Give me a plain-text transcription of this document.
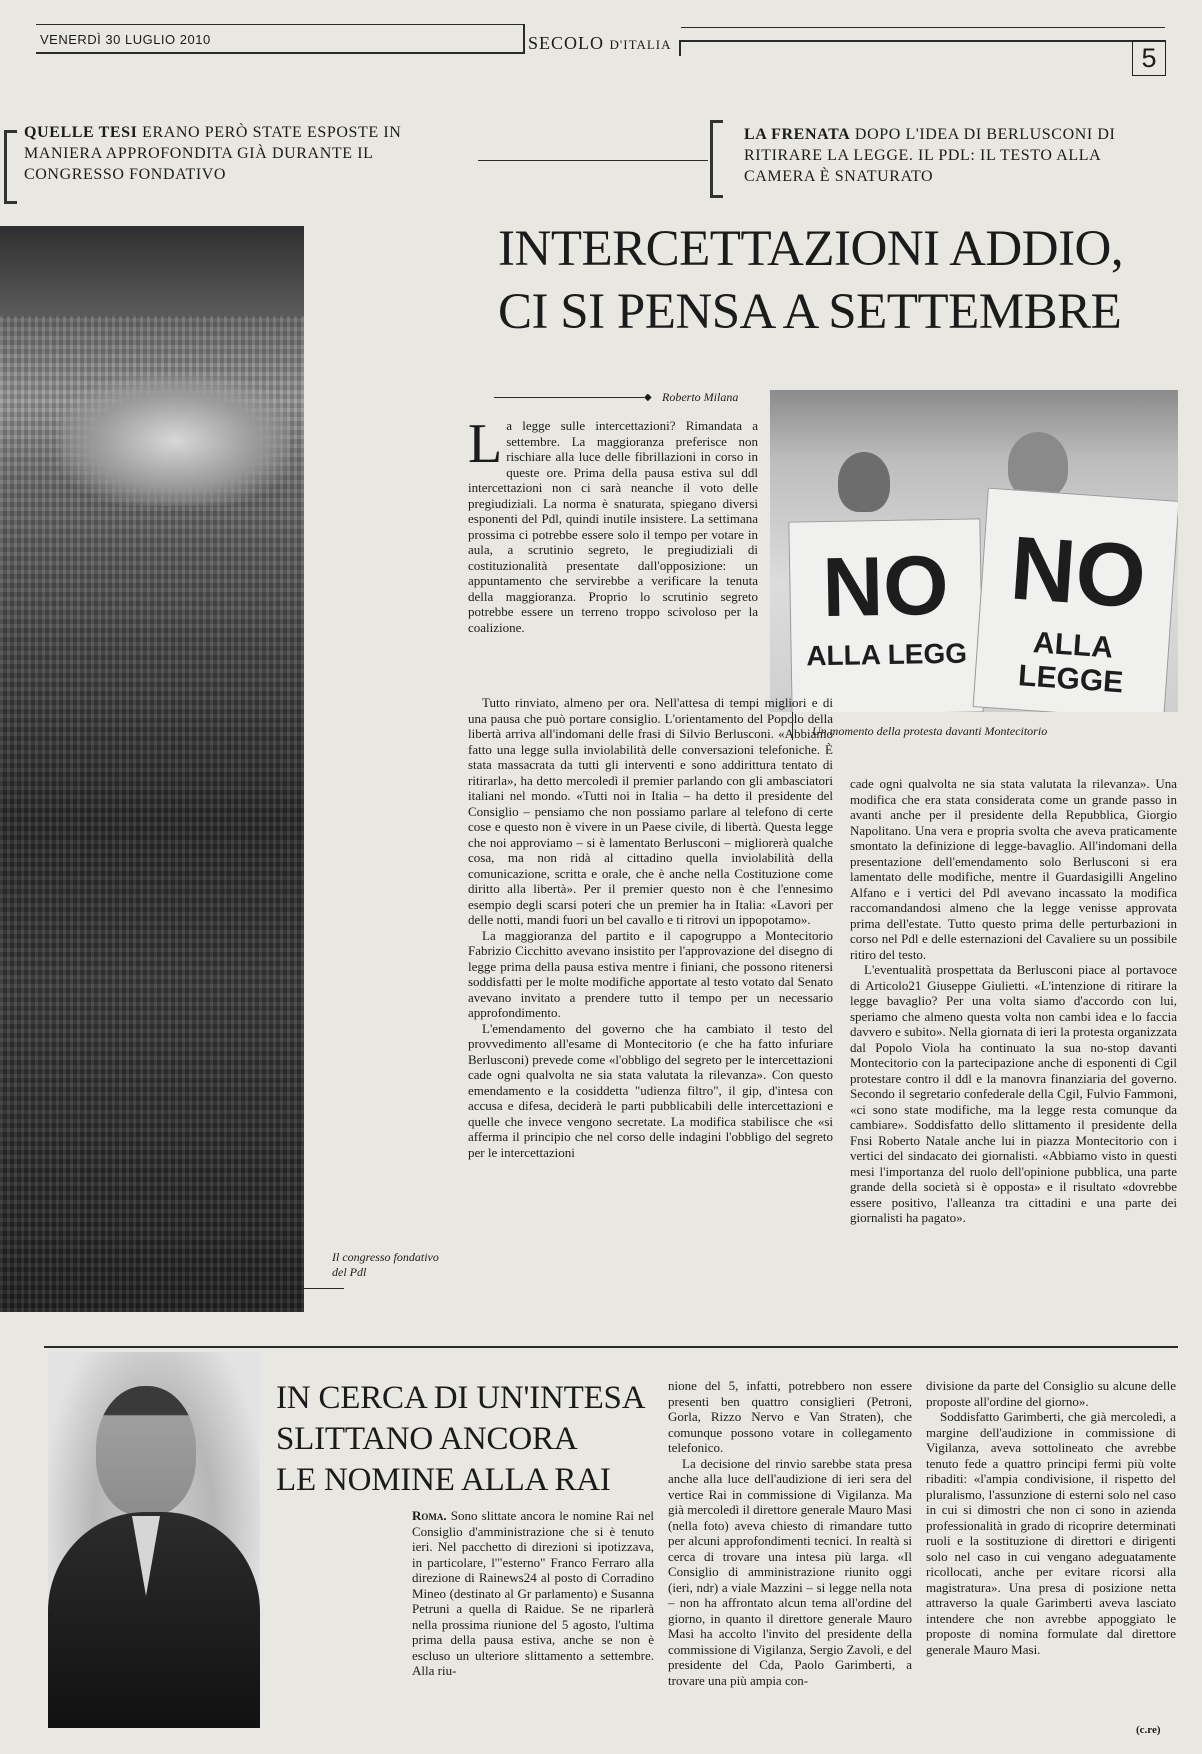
VENERDÌ 30 LUGLIO 2010	SECOLO D'ITALIA	5
QUELLE TESI ERANO PERÒ STATE ESPOSTE IN MANIERA APPROFONDITA GIÀ DURANTE IL CONGRESSO FONDATIVO
LA FRENATA DOPO L'IDEA DI BERLUSCONI DI RITIRARE LA LEGGE. IL PDL: IL TESTO ALLA CAMERA È SNATURATO
Il congresso fondativo del Pdl
INTERCETTAZIONI ADDIO,
CI SI PENSA A SETTEMBRE
◆ Roberto Milana
NO
ALLA LEGG
NO
ALLA LEGGE
Un momento della protesta davanti Montecitorio

La legge sulle intercettazioni? Rimandata a settembre. La maggioranza preferisce non rischiare alla luce delle fibrillazioni in corso in queste ore. Prima della pausa estiva sul ddl intercettazioni non ci sarà neanche il voto delle pregiudiziali. La norma è snaturata, spiegano diversi esponenti del Pdl, quindi inutile insistere. La settimana prossima ci potrebbe essere solo il tempo per votare in aula, a scrutinio segreto, le pregiudiziali di costituzionalità presentate dall'opposizione: un appuntamento che servirebbe a verificare la tenuta della maggioranza. Proprio lo scrutinio segreto potrebbe essere un terreno troppo scivoloso per la coalizione.

Tutto rinviato, almeno per ora. Nell'attesa di tempi migliori e di una pausa che può portare consiglio. L'orientamento del Popolo della libertà arriva all'indomani delle frasi di Silvio Berlusconi. «Abbiamo fatto una legge sulla inviolabilità delle conversazioni telefoniche. È stata massacrata da tutti gli interventi e sono addirittura tentato di ritirarla», ha detto mercoledì il premier parlando con gli ambasciatori italiani nel mondo. «Tutti noi in Italia – ha detto il presidente del Consiglio – pensiamo che non possiamo parlare al telefono di certe cose e questo non è vivere in un Paese civile, di libertà. Questa legge che noi approviamo – si è lamentato Berlusconi – migliorerà qualche cosa, ma non ridà al cittadino quella inviolabilità della comunicazione, scritta e orale, che è anche nella Costituzione come diritto alla libertà». Per il premier questo non è che l'ennesimo esempio degli scarsi poteri che un premier ha in Italia: «Lavori per delle notti, mandi fuori un bel cavallo e ti ritrovi un ippopotamo».

La maggioranza del partito e il capogruppo a Montecitorio Fabrizio Cicchitto avevano insistito per l'approvazione del disegno di legge prima della pausa estiva mentre i finiani, che possono ritenersi soddisfatti per le molte modifiche apportate al testo votato dal Senato avevano invitato a prendere tutto il tempo per un necessario approfondimento.

L'emendamento del governo che ha cambiato il testo del provvedimento all'esame di Montecitorio (e che ha fatto infuriare Berlusconi) prevede come «l'obbligo del segreto per le intercettazioni cade ogni qualvolta ne sia stata valutata la rilevanza». Con questo emendamento e la cosiddetta "udienza filtro", il gip, d'intesa con accusa e difesa, deciderà le parti pubblicabili delle intercettazioni e quelle che invece vengono secretate. La modifica stabilisce che «si afferma il principio che nel corso delle indagini l'obbligo del segreto per le intercettazioni

cade ogni qualvolta ne sia stata valutata la rilevanza». Una modifica che era stata considerata come un grande passo in avanti anche per il presidente della Repubblica, Giorgio Napolitano. Una vera e propria svolta che aveva praticamente smontato la definizione di legge-bavaglio. All'indomani della presentazione dell'emendamento solo Berlusconi si era lamentato delle modifiche, mentre il Guardasigilli Angelino Alfano e i vertici del Pdl avevano incassato la modifica raccomandandosi almeno che la legge venisse approvata prima dell'estate. Tutto questo prima delle perturbazioni in corso nel Pdl e delle esternazioni del Cavaliere su un possibile ritiro del testo.

L'eventualità prospettata da Berlusconi piace al portavoce di Articolo21 Giuseppe Giulietti. «L'intenzione di ritirare la legge bavaglio? Per una volta siamo d'accordo con lui, speriamo che almeno questa volta non cambi idea e lo faccia davvero e subito». Nella giornata di ieri la protesta organizzata dal Popolo Viola ha continuato la sua no-stop davanti Montecitorio con la partecipazione anche di esponenti di Cgil protestare contro il ddl e la manovra finanziaria del governo. Secondo il segretario confederale della Cgil, Fulvio Fammoni, «ci sono state modifiche, ma la legge resta comunque da cambiare». Soddisfatto dello slittamento il presidente della Fnsi Roberto Natale anche lui in piazza Montecitorio con i vertici del sindacato dei giornalisti. «Abbiamo visto in questi mesi l'importanza del ruolo dell'opinione pubblica, una parte grande della società si è opposta» e il risultato «dovrebbe essere positivo, l'alleanza tra cittadini e una parte dei giornalisti ha pagato».

IN CERCA DI UN'INTESA
SLITTANO ANCORA
LE NOMINE ALLA RAI

Roma. Sono slittate ancora le nomine Rai nel Consiglio d'amministrazione che si è tenuto ieri. Nel pacchetto di direzioni si ipotizzava, in particolare, l'"esterno" Franco Ferraro alla direzione di Rainews24 al posto di Corradino Mineo (destinato al Gr parlamento) e Susanna Petruni a quella di Raidue. Se ne riparlerà nella prossima riunione del 5 agosto, l'ultima prima della pausa estiva, anche se non è escluso un ulteriore slittamento a settembre. Alla riu-

nione del 5, infatti, potrebbero non essere presenti ben quattro consiglieri (Petroni, Gorla, Rizzo Nervo e Van Straten), che comunque possono votare in collegamento telefonico.

La decisione del rinvio sarebbe stata presa anche alla luce dell'audizione di ieri sera del vertice Rai in commissione di Vigilanza. Ma già mercoledì il direttore generale Mauro Masi (nella foto) aveva chiesto di rimandare tutto per alcuni approfondimenti tecnici. In realtà si cerca di trovare una intesa più larga. «Il Consiglio di amministrazione riunito oggi (ieri, ndr) a viale Mazzini – si legge nella nota – non ha affrontato alcun tema all'ordine del giorno, in quanto il direttore generale Mauro Masi ha accolto l'invito del presidente della commissione di Vigilanza, Sergio Zavoli, e del presidente del Cda, Paolo Garimberti, a trovare una più ampia con-

divisione da parte del Consiglio su alcune delle proposte all'ordine del giorno».

Soddisfatto Garimberti, che già mercoledì, a margine dell'audizione in commissione di Vigilanza, aveva sottolineato che avrebbe tenuto fede a quattro principi fermi più volte ribaditi: «l'ampia condivisione, il rispetto del pluralismo, l'assunzione di esterni solo nel caso in cui si dimostri che non ci sono in azienda professionalità in grado di ricoprire determinati ruoli e la sostituzione di direttori e dirigenti solo nel caso in cui vengano adeguatamente ricollocati, anche per evitare ricorsi alla magistratura». Una presa di posizione netta attraverso la quale Garimberti aveva lasciato intendere che non avrebbe appoggiato le proposte di nomina formulate dal direttore generale Mauro Masi.

(c.re)
